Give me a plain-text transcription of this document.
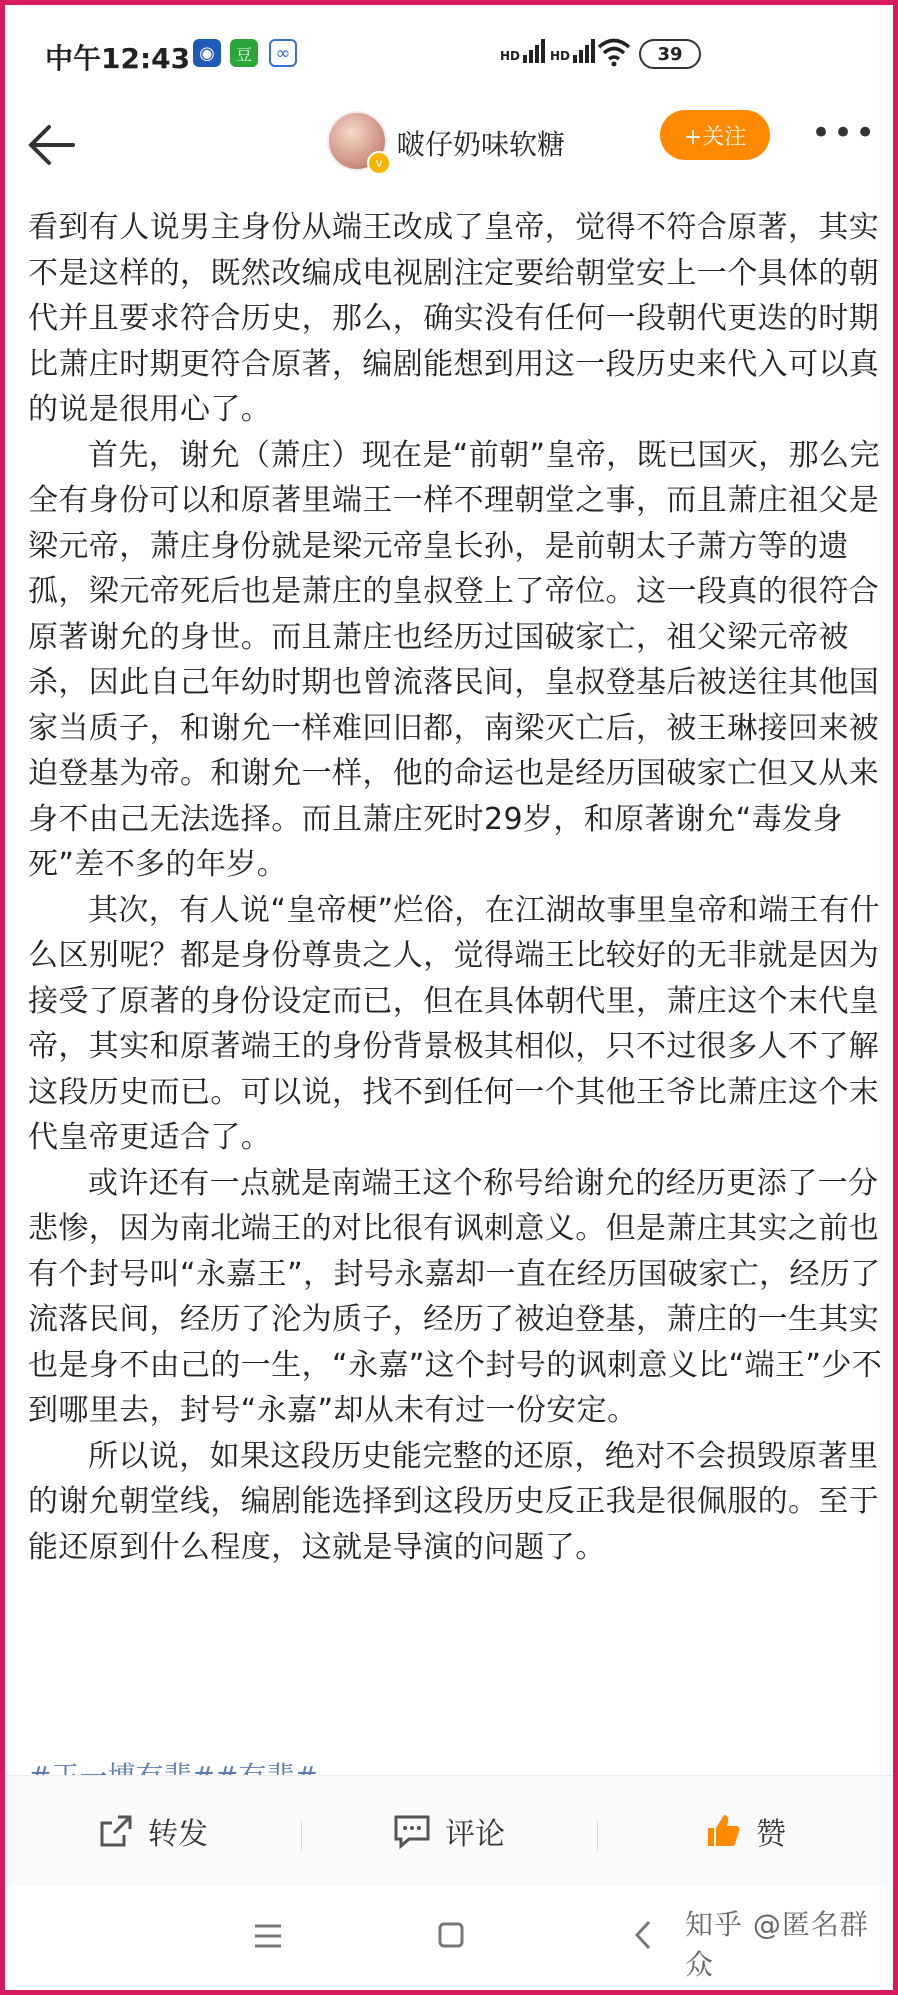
中午12:43 ◉	豆	∞	HD HD	39
v
啵仔奶味软糖	+关注	•••

看到有人说男主身份从端王改成了皇帝，觉得不符合原著，其实不是这样的，既然改编成电视剧注定要给朝堂安上一个具体的朝代并且要求符合历史，那么，确实没有任何一段朝代更迭的时期比萧庄时期更符合原著，编剧能想到用这一段历史来代入可以真的说是很用心了。

首先，谢允（萧庄）现在是“前朝”皇帝，既已国灭，那么完全有身份可以和原著里端王一样不理朝堂之事，而且萧庄祖父是梁元帝，萧庄身份就是梁元帝皇长孙，是前朝太子萧方等的遗孤，梁元帝死后也是萧庄的皇叔登上了帝位。这一段真的很符合原著谢允的身世。而且萧庄也经历过国破家亡，祖父梁元帝被杀，因此自己年幼时期也曾流落民间，皇叔登基后被送往其他国家当质子，和谢允一样难回旧都，南梁灭亡后，被王琳接回来被迫登基为帝。和谢允一样，他的命运也是经历国破家亡但又从来身不由己无法选择。而且萧庄死时29岁，和原著谢允“毒发身死”差不多的年岁。

其次，有人说“皇帝梗”烂俗，在江湖故事里皇帝和端王有什么区别呢？都是身份尊贵之人，觉得端王比较好的无非就是因为接受了原著的身份设定而已，但在具体朝代里，萧庄这个末代皇帝，其实和原著端王的身份背景极其相似，只不过很多人不了解这段历史而已。可以说，找不到任何一个其他王爷比萧庄这个末代皇帝更适合了。

或许还有一点就是南端王这个称号给谢允的经历更添了一分悲惨，因为南北端王的对比很有讽刺意义。但是萧庄其实之前也有个封号叫“永嘉王”，封号永嘉却一直在经历国破家亡，经历了流落民间，经历了沦为质子，经历了被迫登基，萧庄的一生其实也是身不由己的一生，“永嘉”这个封号的讽刺意义比“端王”少不到哪里去，封号“永嘉”却从未有过一份安定。

所以说，如果这段历史能完整的还原，绝对不会损毁原著里的谢允朝堂线，编剧能选择到这段历史反正我是很佩服的。至于能还原到什么程度，这就是导演的问题了。

转发	评论	赞
知乎 @匿名群众
